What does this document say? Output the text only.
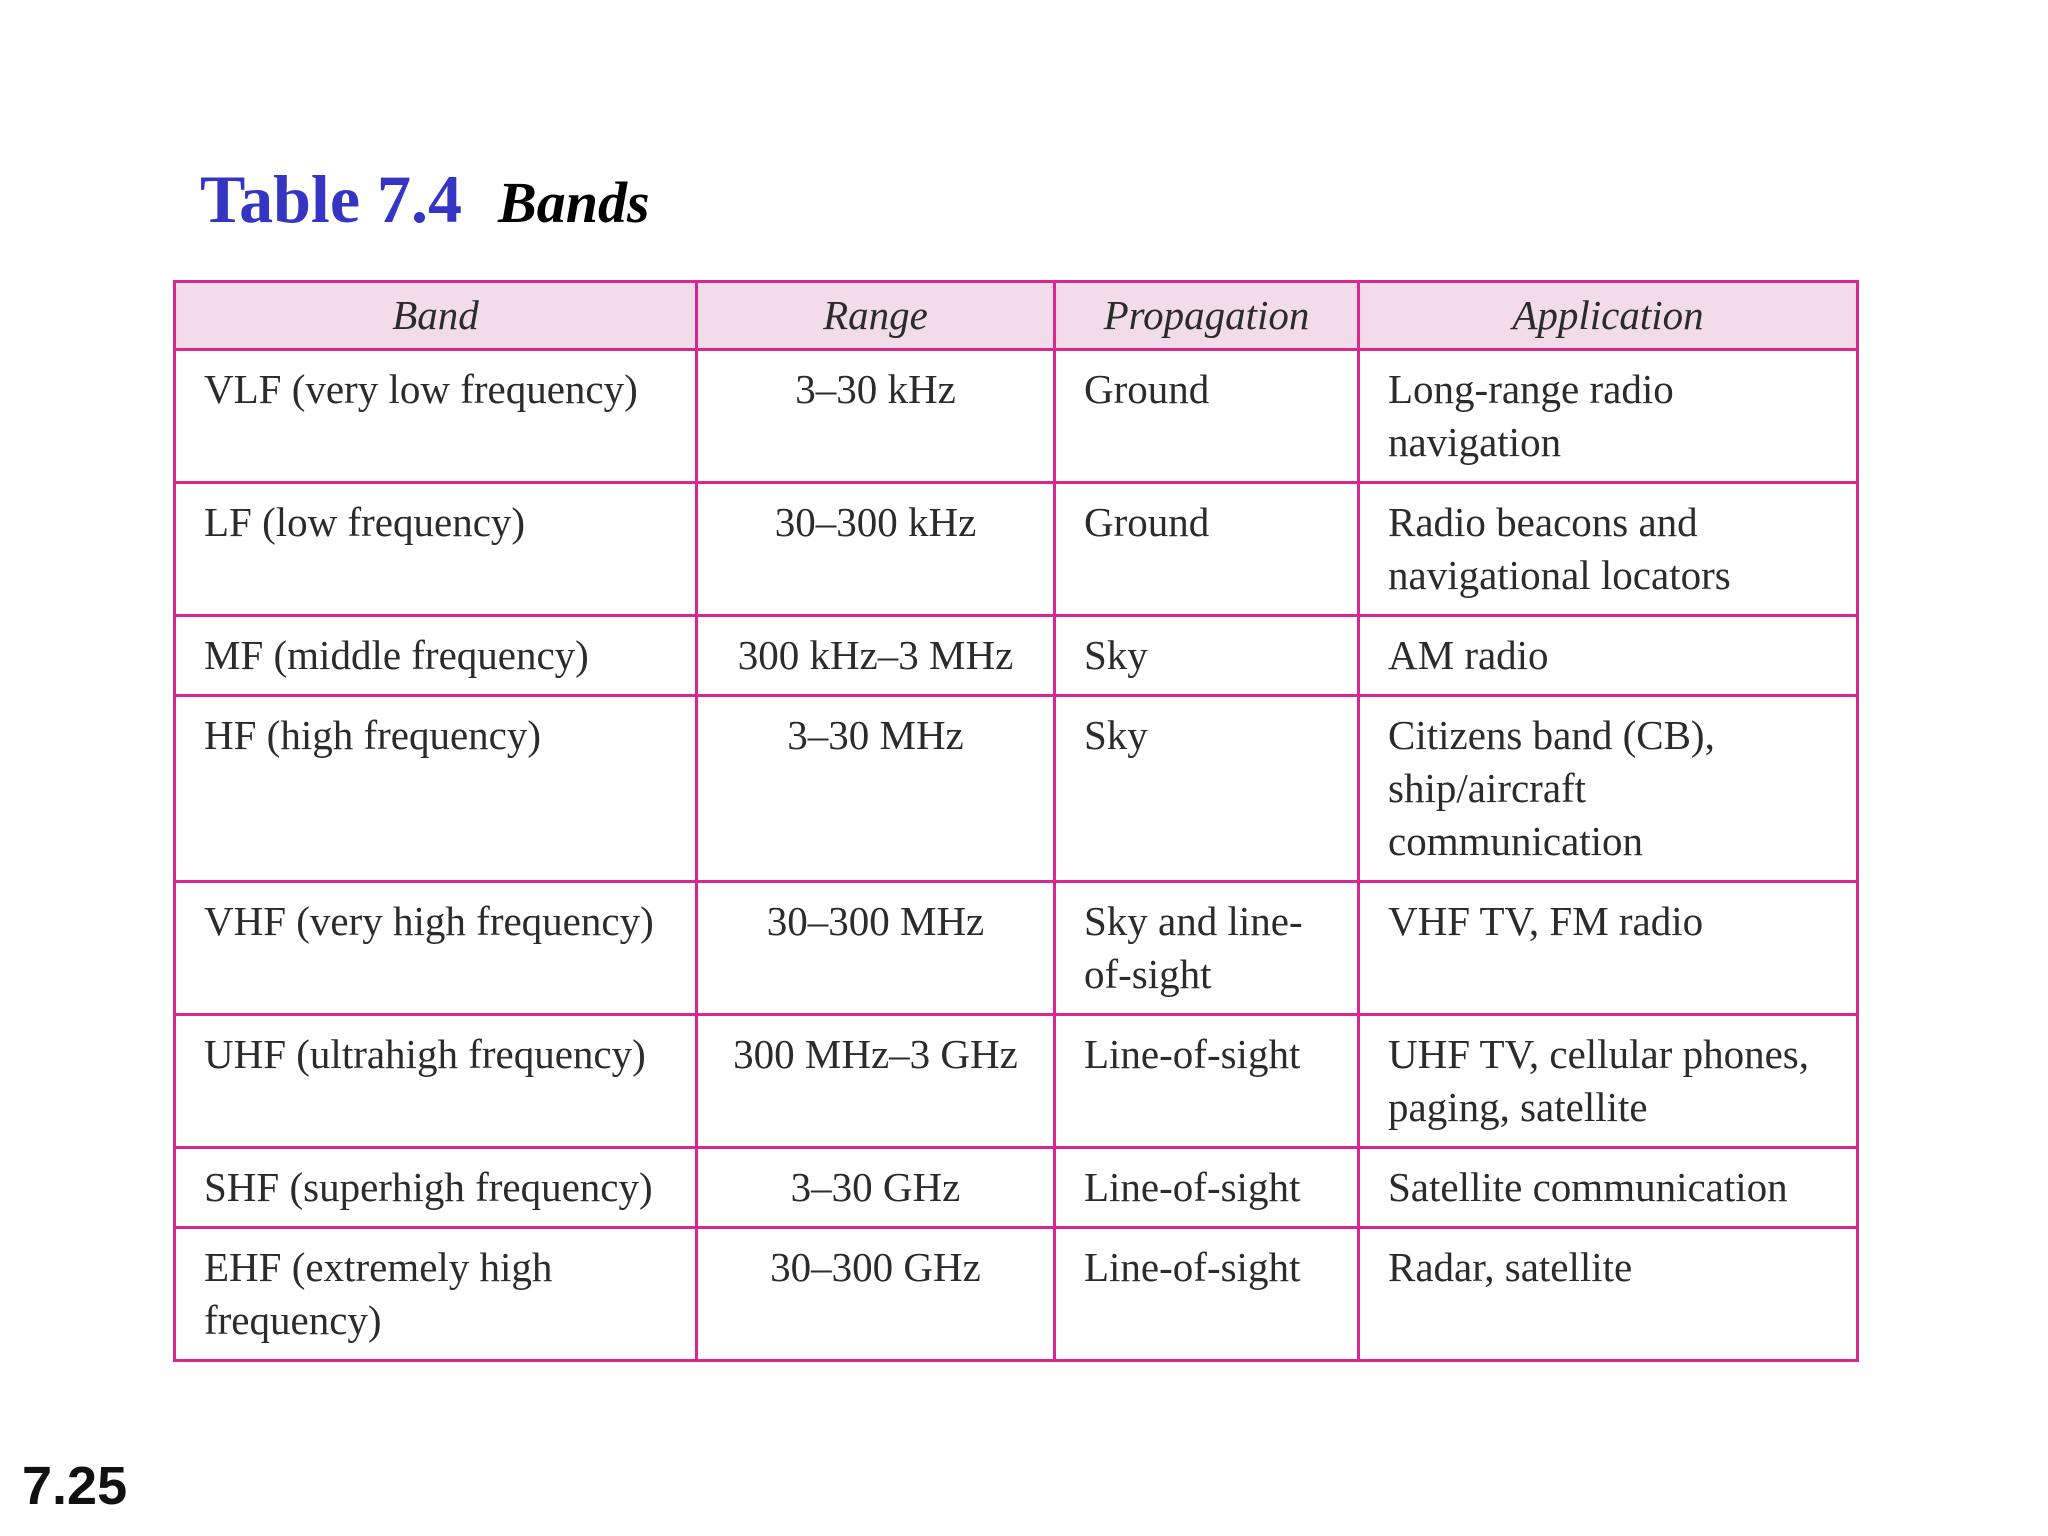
Table 7.4 Bands
Band	Range	Propagation	Application
VLF (very low frequency)	3–30 kHz	Ground	Long-range radio navigation
LF (low frequency)	30–300 kHz	Ground	Radio beacons and navigational locators
MF (middle frequency)	300 kHz–3 MHz	Sky	AM radio
HF (high frequency)	3–30 MHz	Sky	Citizens band (CB), ship/aircraft communication
VHF (very high frequency)	30–300 MHz	Sky and line-of-sight	VHF TV, FM radio
UHF (ultrahigh frequency)	300 MHz–3 GHz	Line-of-sight	UHF TV, cellular phones, paging, satellite
SHF (superhigh frequency)	3–30 GHz	Line-of-sight	Satellite communication
EHF (extremely high frequency)	30–300 GHz	Line-of-sight	Radar, satellite
7.25
